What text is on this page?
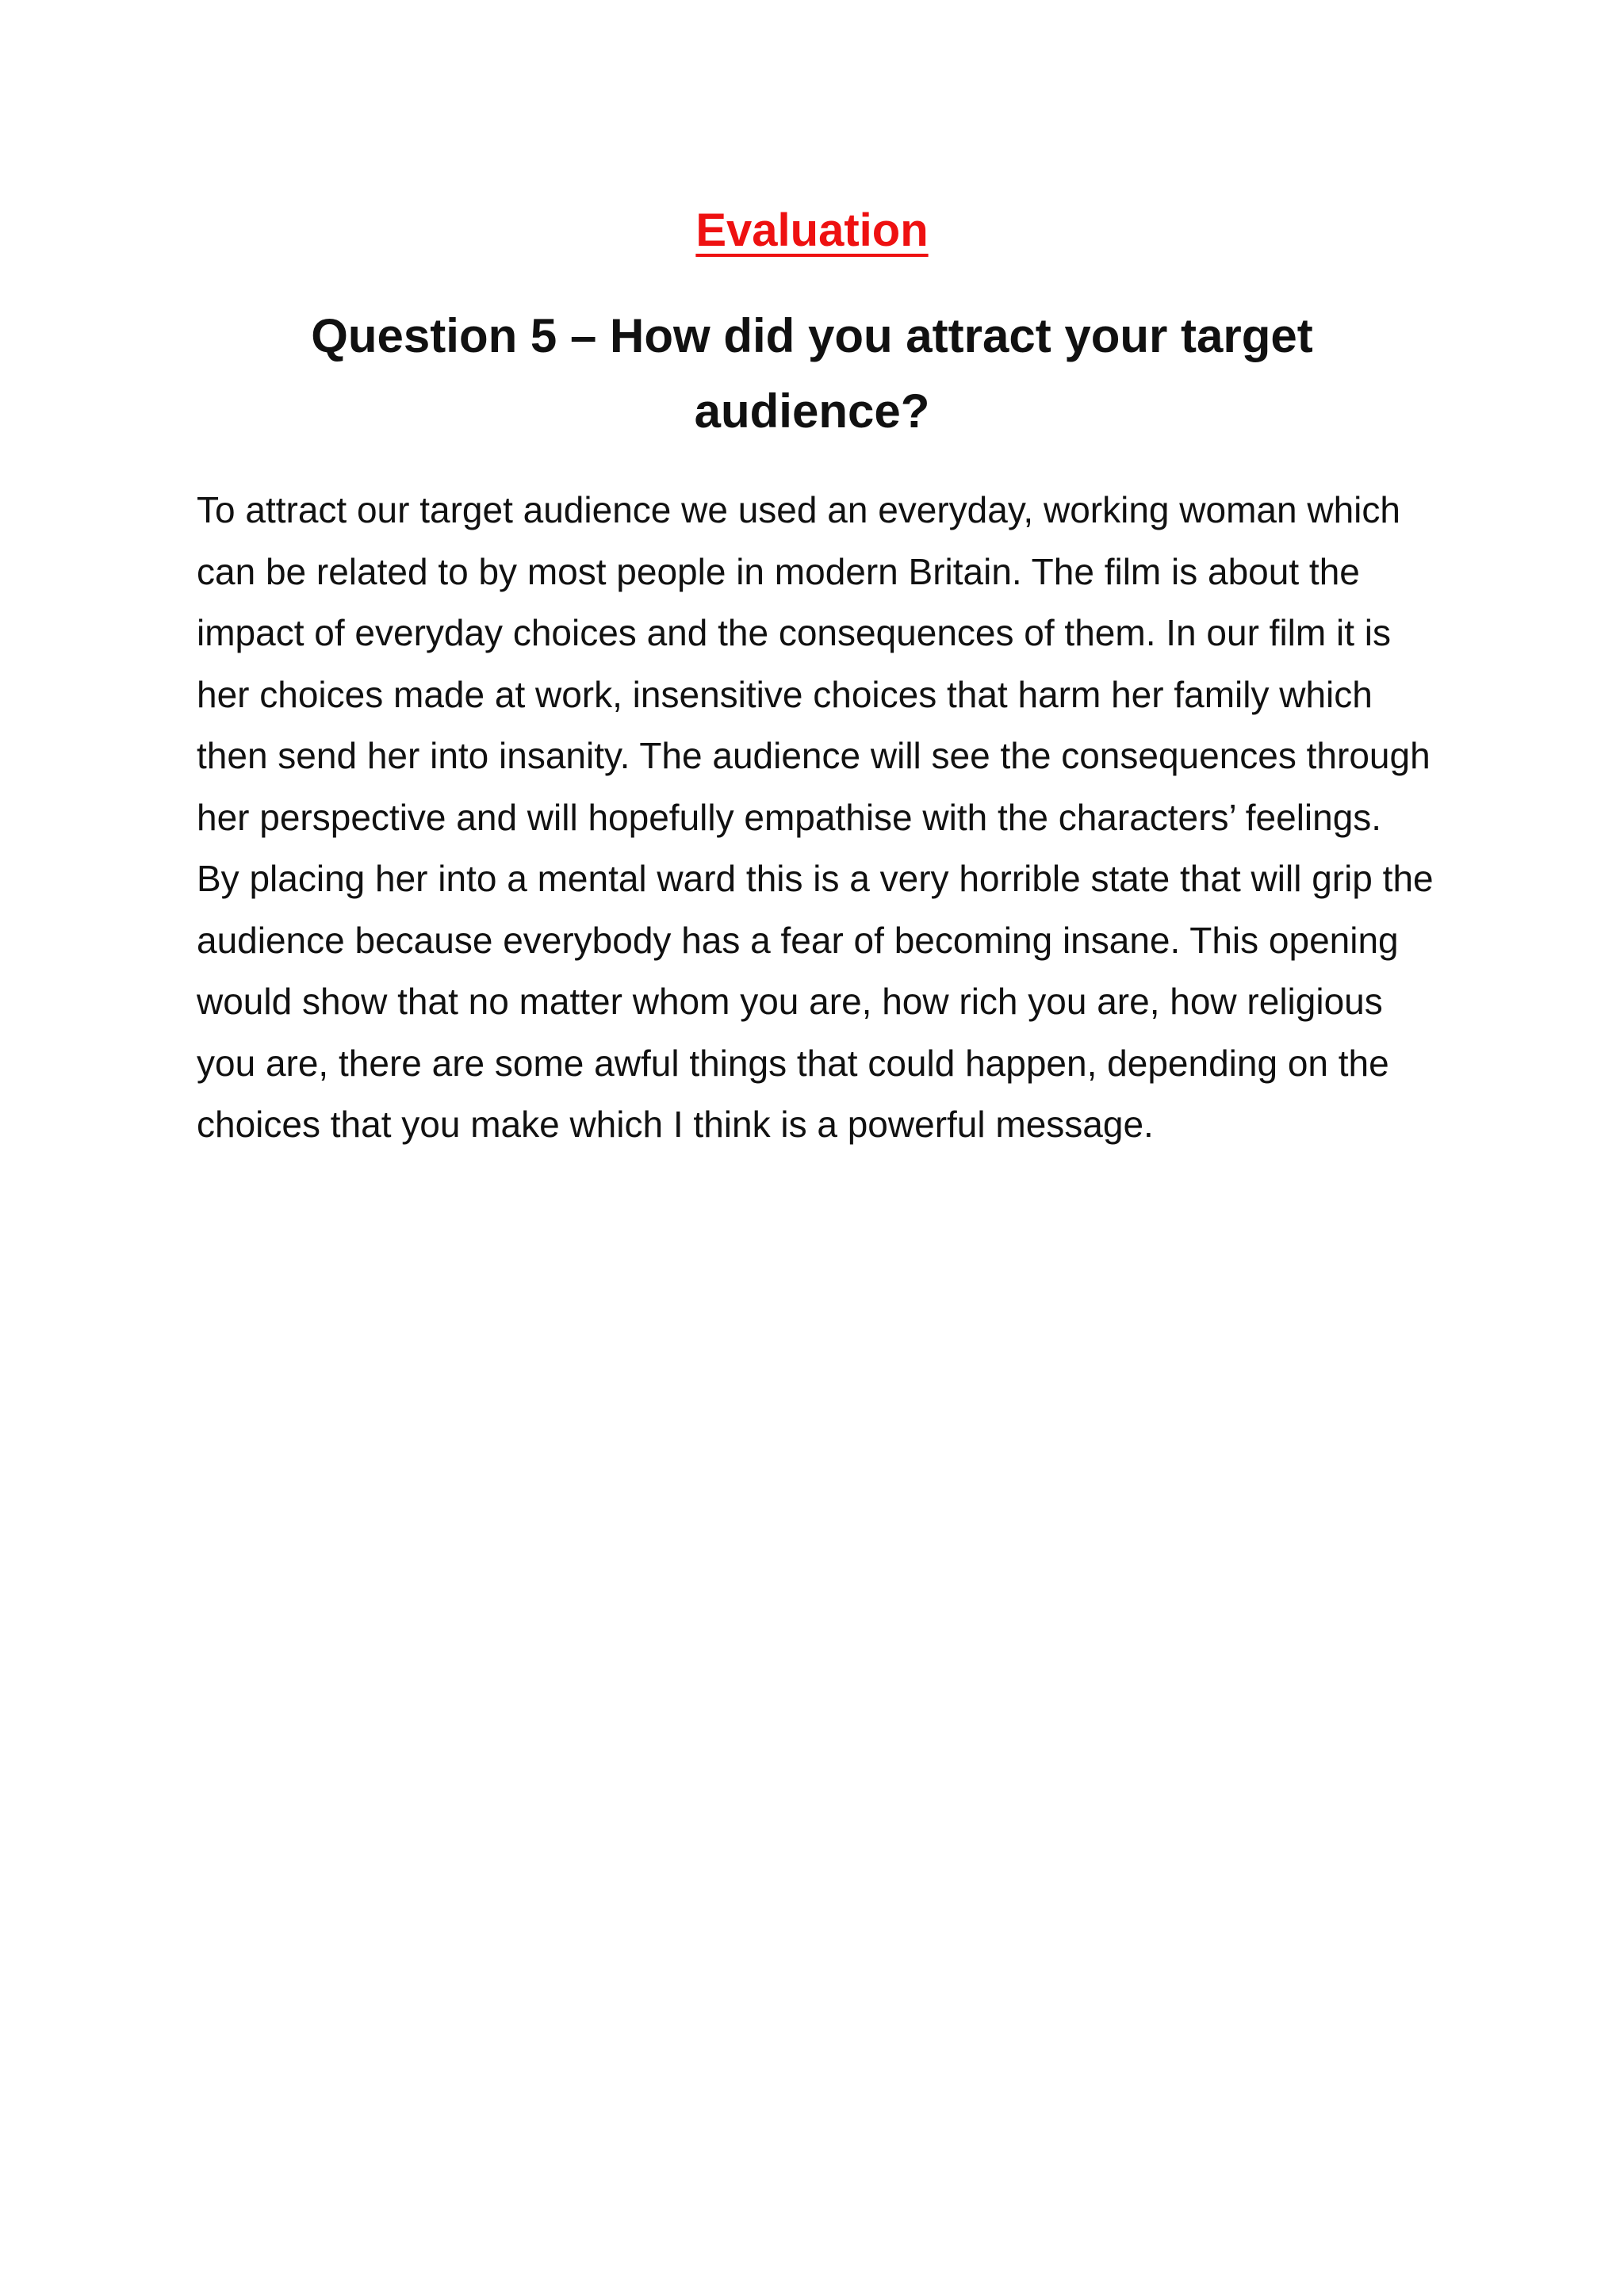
Evaluation
Question 5 – How did you attract your target audience?

To attract our target audience we used an everyday, working woman which can be related to by most people in modern Britain. The film is about the impact of everyday choices and the consequences of them. In our film it is her choices made at work, insensitive choices that harm her family which then send her into insanity. The audience will see the consequences through her perspective and will hopefully empathise with the characters’ feelings. By placing her into a mental ward this is a very horrible state that will grip the audience because everybody has a fear of becoming insane. This opening would show that no matter whom you are, how rich you are, how religious you are, there are some awful things that could happen, depending on the choices that you make which I think is a powerful message.
